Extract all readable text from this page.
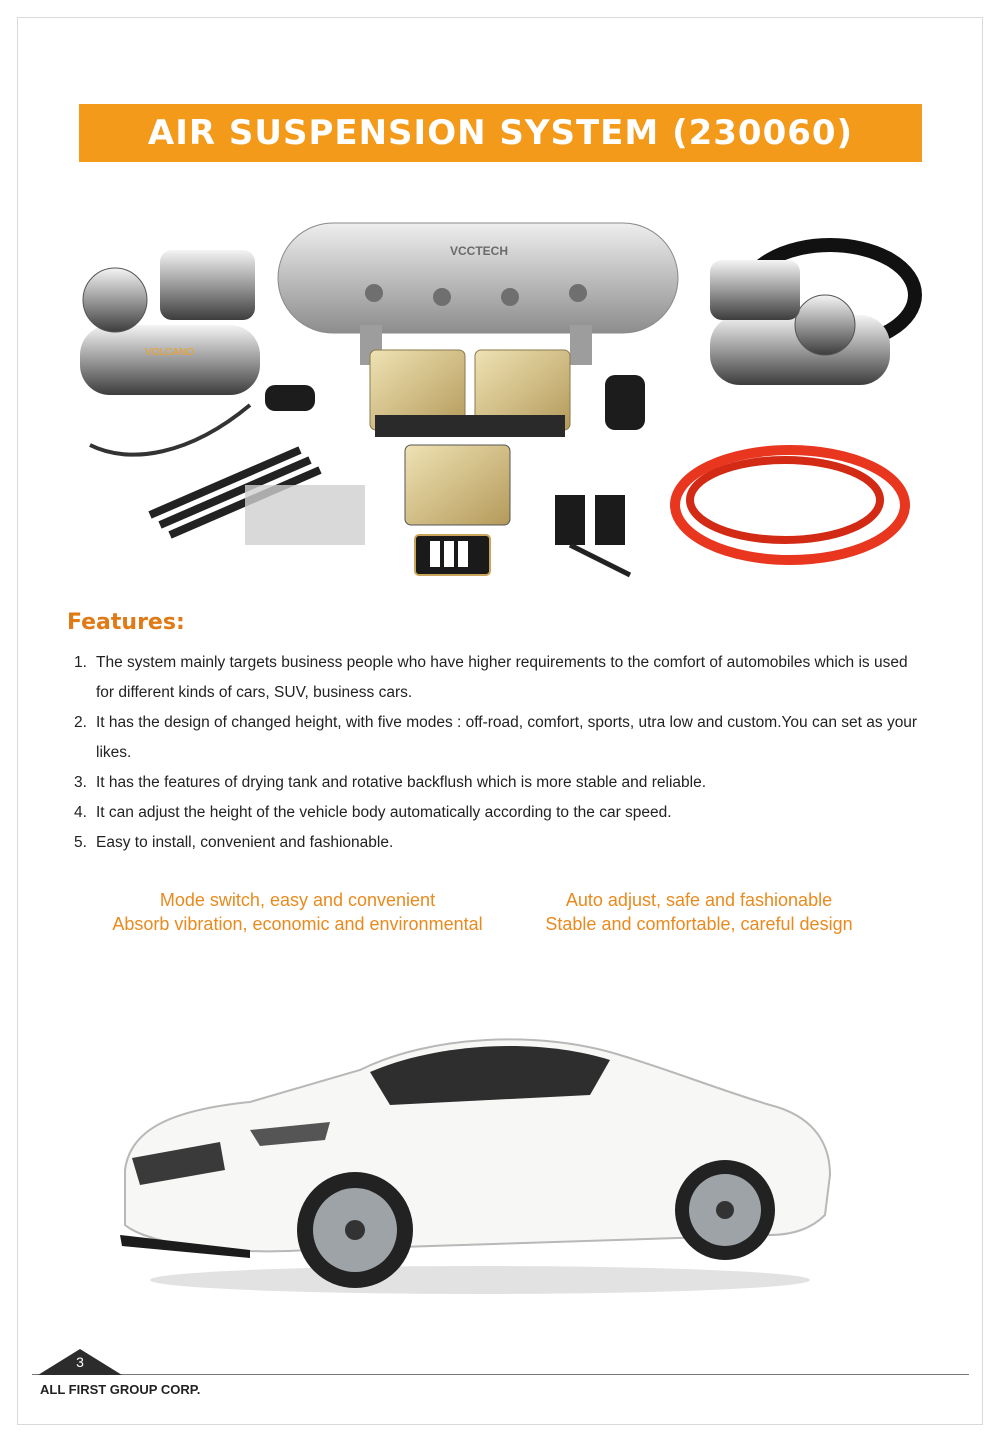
AIR SUSPENSION SYSTEM (230060)
VCCTECH
VOLCANO
Features:
1. The system mainly targets business people who have higher requirements to the comfort of automobiles which is used for different kinds of cars, SUV, business cars.
2. It has the design of changed height, with five modes : off-road, comfort, sports, utra low and custom.You can set as your likes.
3. It has the features of drying tank and rotative backflush which is more stable and reliable.
4. It can adjust the height of the vehicle body automatically according to the car speed.
5. Easy to install, convenient and fashionable.
Mode switch, easy and convenient
Absorb vibration, economic and environmental
Auto adjust, safe and fashionable
Stable and comfortable, careful design
3
ALL FIRST GROUP CORP.
